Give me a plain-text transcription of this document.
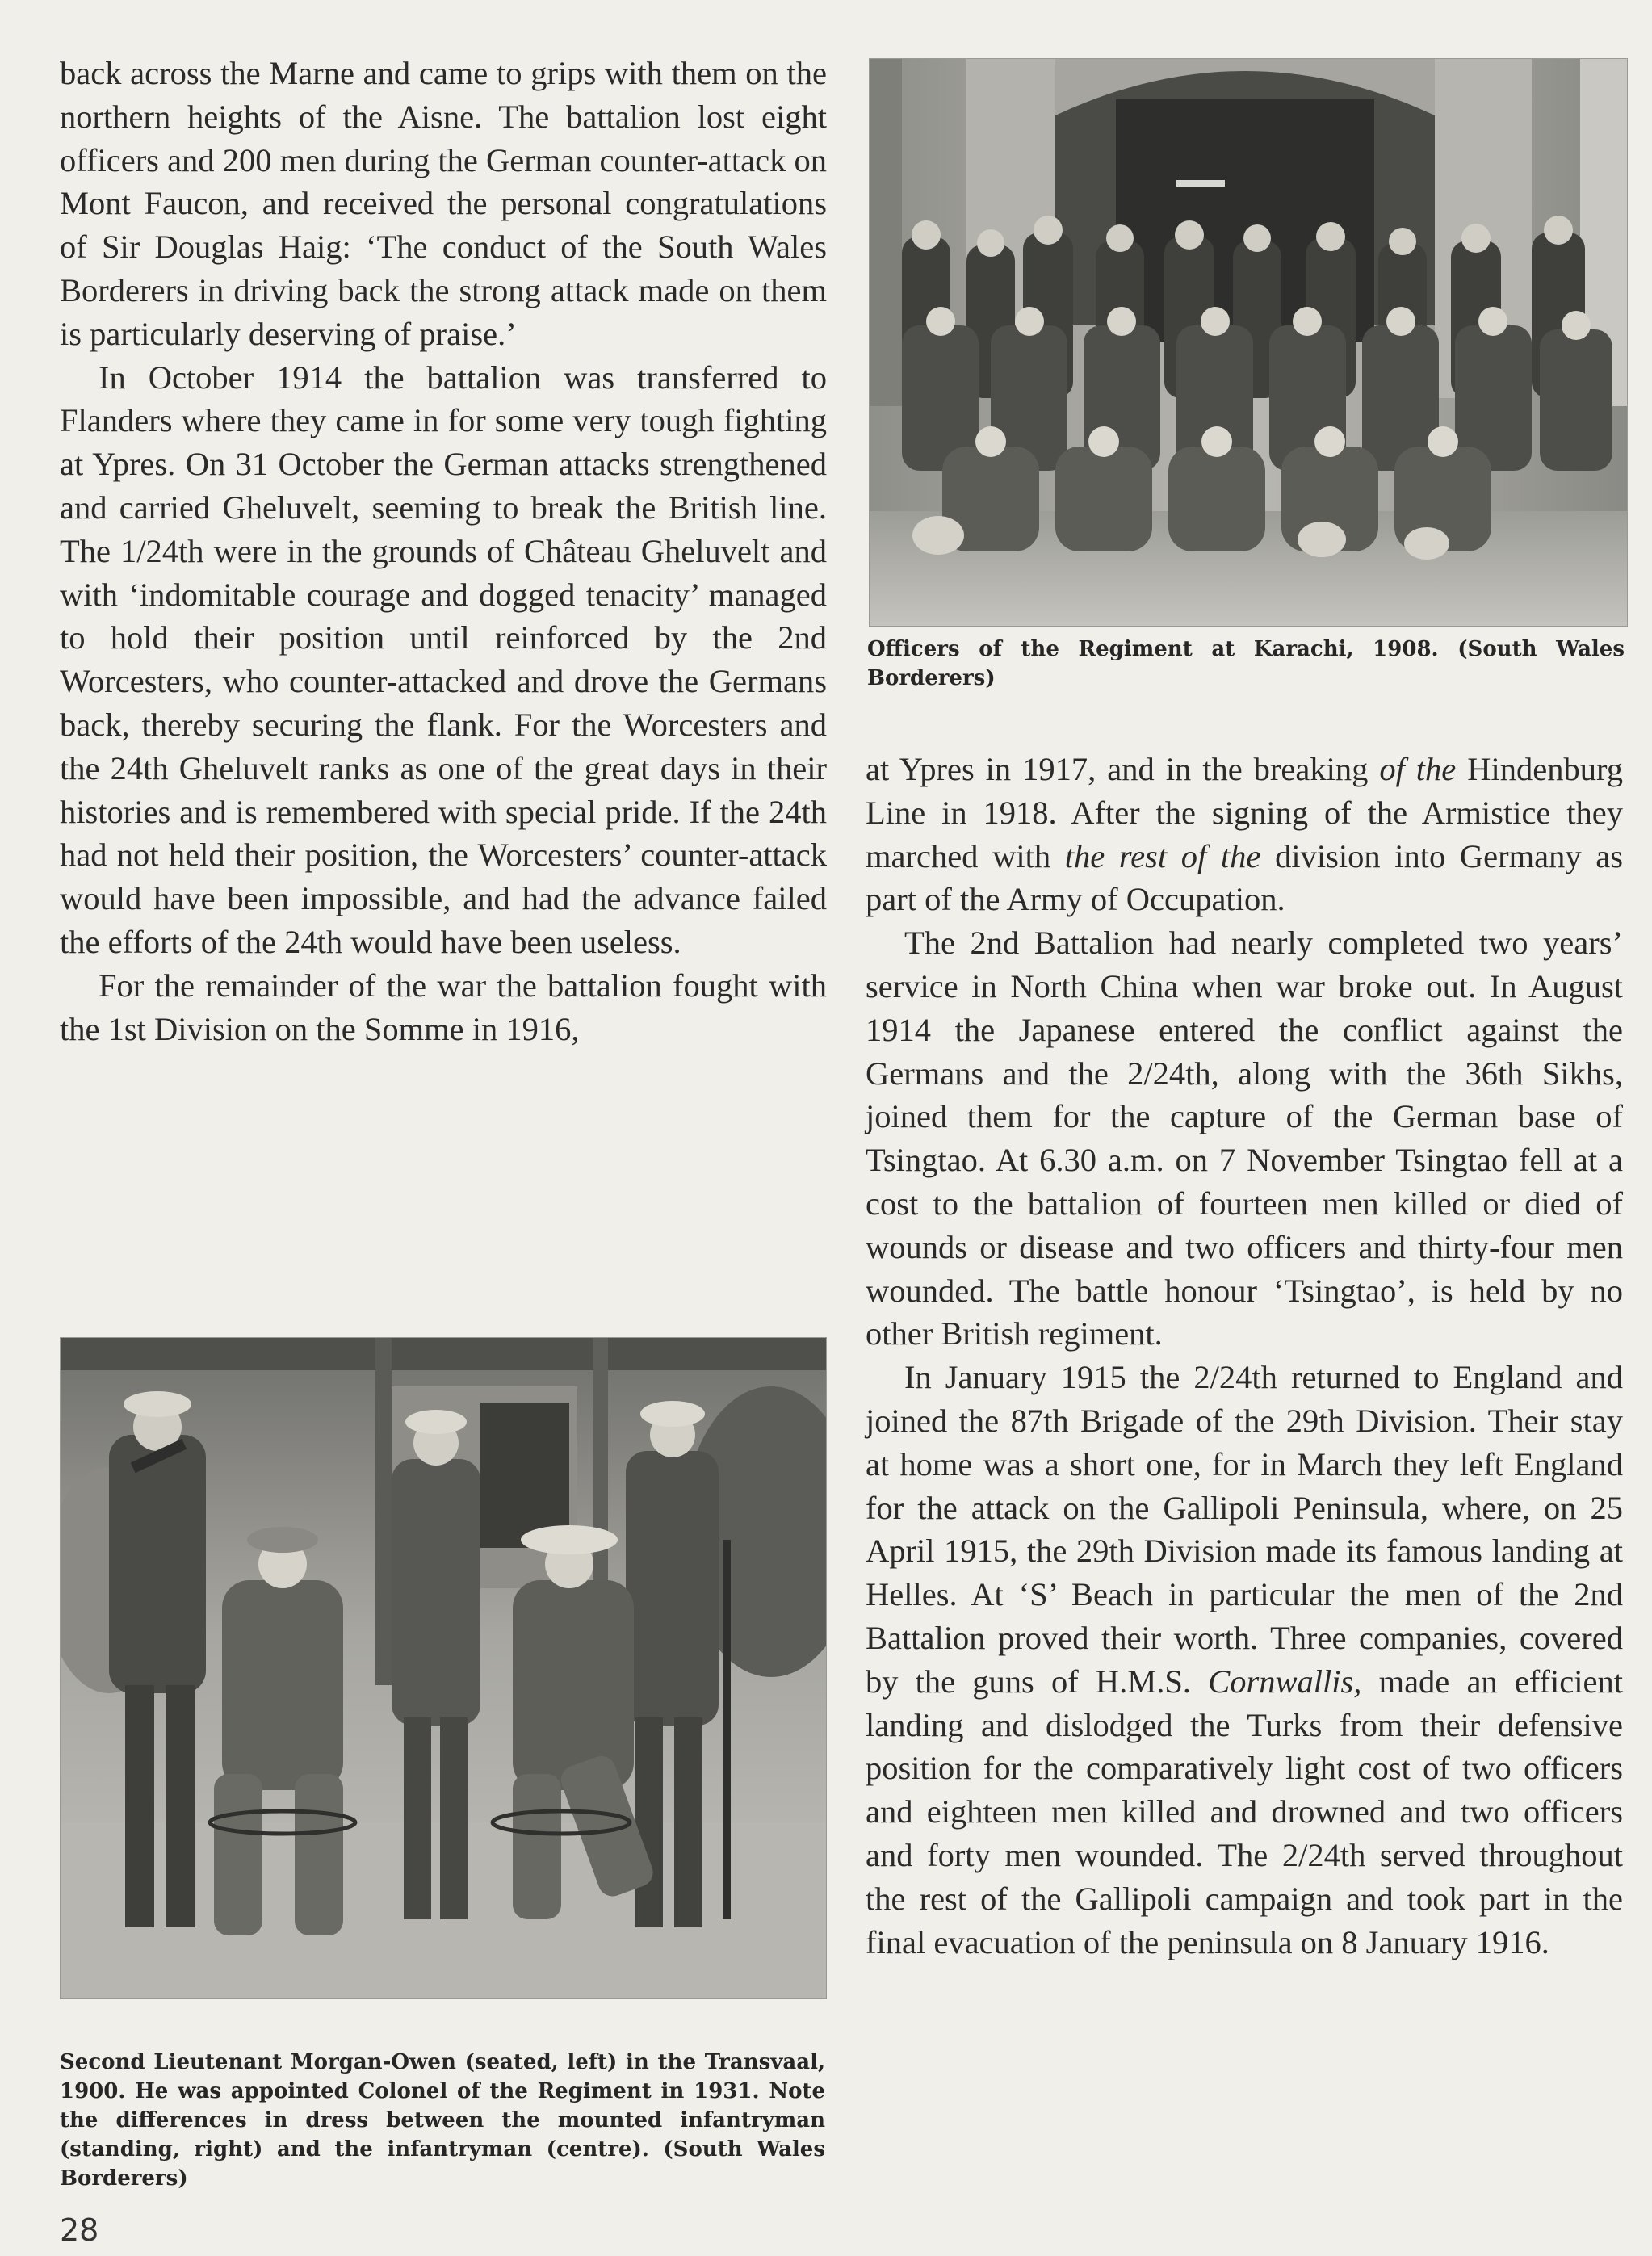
back across the Marne and came to grips with them on the northern heights of the Aisne. The battalion lost eight officers and 200 men during the German counter-attack on Mont Faucon, and received the personal congratulations of Sir Douglas Haig: ‘The conduct of the South Wales Borderers in driving back the strong attack made on them is particularly deserving of praise.’

In October 1914 the battalion was transferred to Flanders where they came in for some very tough fighting at Ypres. On 31 October the German attacks strengthened and carried Gheluvelt, seeming to break the British line. The 1/24th were in the grounds of Château Gheluvelt and with ‘indomitable courage and dogged tenacity’ managed to hold their position until reinforced by the 2nd Worcesters, who counter-attacked and drove the Germans back, thereby securing the flank. For the Worcesters and the 24th Gheluvelt ranks as one of the great days in their histories and is remembered with special pride. If the 24th had not held their position, the Worcesters’ counter-attack would have been impossible, and had the advance failed the efforts of the 24th would have been useless.

For the remainder of the war the battalion fought with the 1st Division on the Somme in 1916,

Officers of the Regiment at Karachi, 1908. (South Wales Borderers)

at Ypres in 1917, and in the breaking of the Hindenburg Line in 1918. After the signing of the Armistice they marched with the rest of the division into Germany as part of the Army of Occupation.

The 2nd Battalion had nearly completed two years’ service in North China when war broke out. In August 1914 the Japanese entered the conflict against the Germans and the 2/24th, along with the 36th Sikhs, joined them for the capture of the German base of Tsingtao. At 6.30 a.m. on 7 November Tsingtao fell at a cost to the battalion of fourteen men killed or died of wounds or disease and two officers and thirty-four men wounded. The battle honour ‘Tsingtao’, is held by no other British regiment.

In January 1915 the 2/24th returned to England and joined the 87th Brigade of the 29th Division. Their stay at home was a short one, for in March they left England for the attack on the Gallipoli Peninsula, where, on 25 April 1915, the 29th Division made its famous landing at Helles. At ‘S’ Beach in particular the men of the 2nd Battalion proved their worth. Three companies, covered by the guns of H.M.S. Cornwallis, made an efficient landing and dislodged the Turks from their defensive position for the comparatively light cost of two officers and eighteen men killed and drowned and two officers and forty men wounded. The 2/24th served throughout the rest of the Gallipoli campaign and took part in the final evacuation of the peninsula on 8 January 1916.

Second Lieutenant Morgan-Owen (seated, left) in the Transvaal, 1900. He was appointed Colonel of the Regiment in 1931. Note the differences in dress between the mounted infantryman (standing, right) and the infantryman (centre). (South Wales Borderers)

28
